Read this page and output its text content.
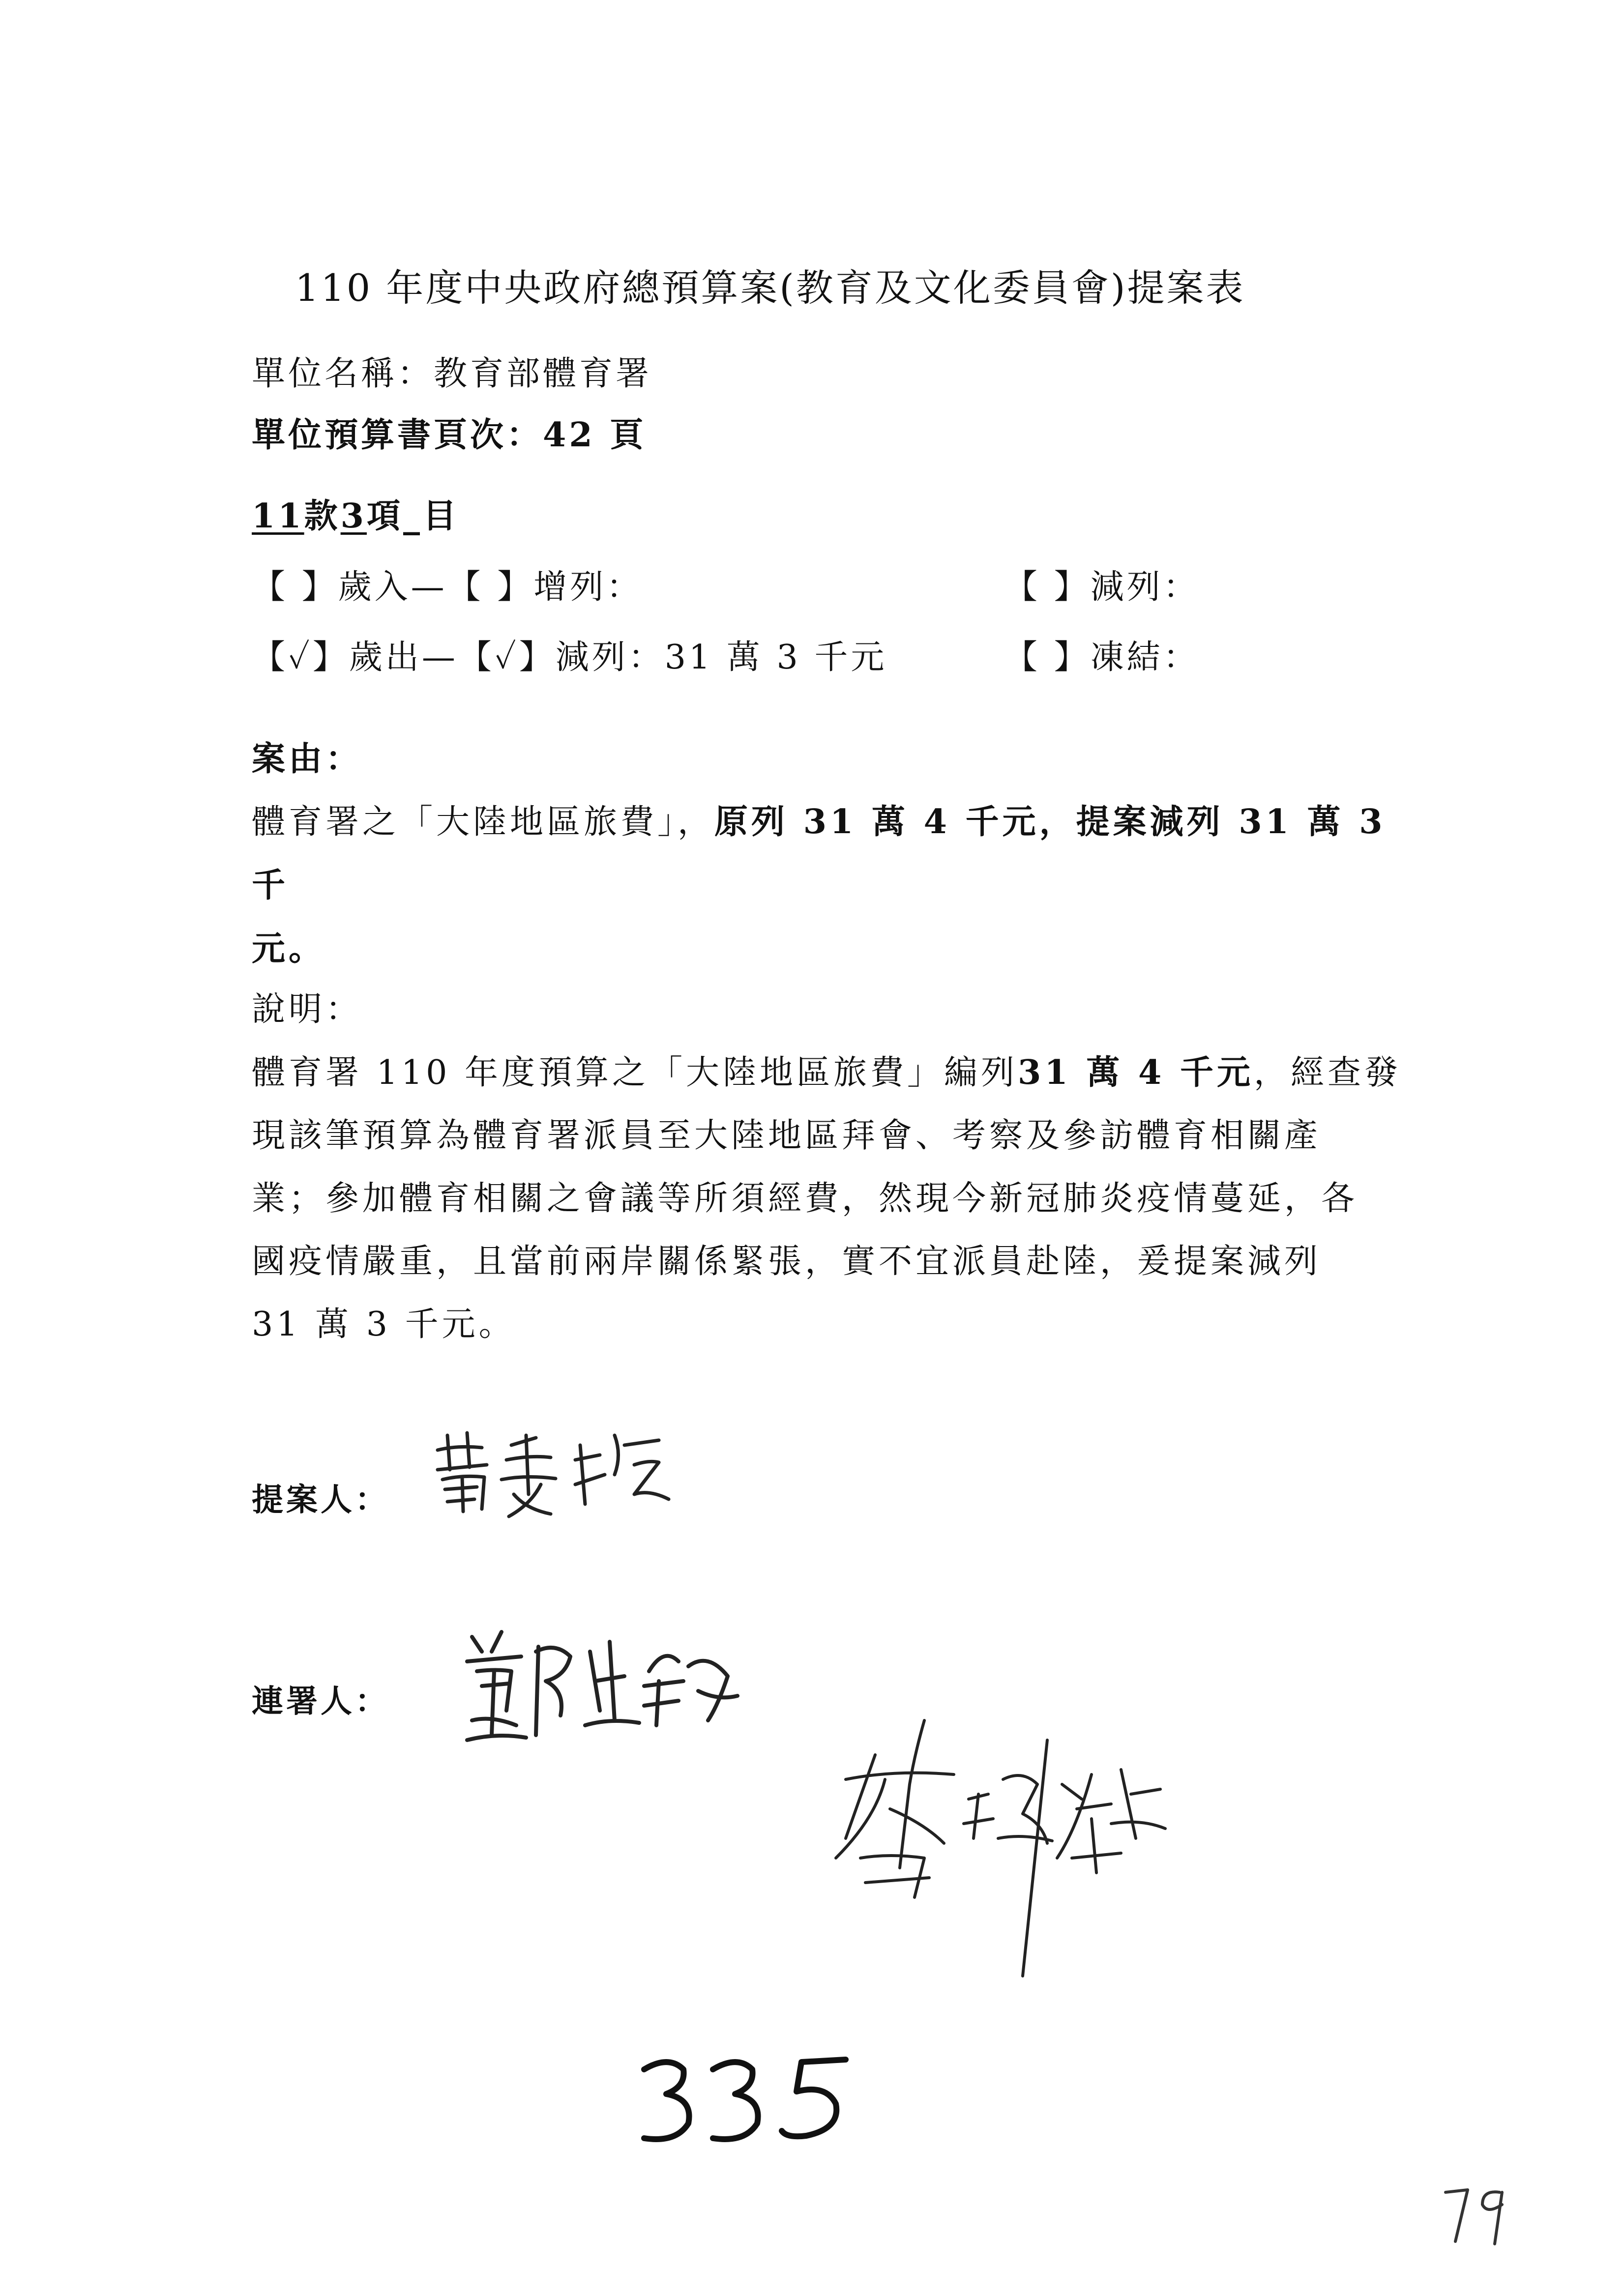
110 年度中央政府總預算案(教育及文化委員會)提案表
單位名稱：教育部體育署
單位預算書頁次：42 頁
11款3項_目
【 】歲入—【 】增列：	【 】減列：
【✓】歲出—【✓】減列：31 萬 3 千元	【 】凍結：

案由：

體育署之「大陸地區旅費」，原列 31 萬 4 千元，提案減列 31 萬 3 千

元。

說明：

體育署 110 年度預算之「大陸地區旅費」編列31 萬 4 千元，經查發

現該筆預算為體育署派員至大陸地區拜會、考察及參訪體育相關產

業；參加體育相關之會議等所須經費，然現今新冠肺炎疫情蔓延，各

國疫情嚴重，且當前兩岸關係緊張，實不宜派員赴陸，爰提案減列

31 萬 3 千元。

提案人：
連署人：
